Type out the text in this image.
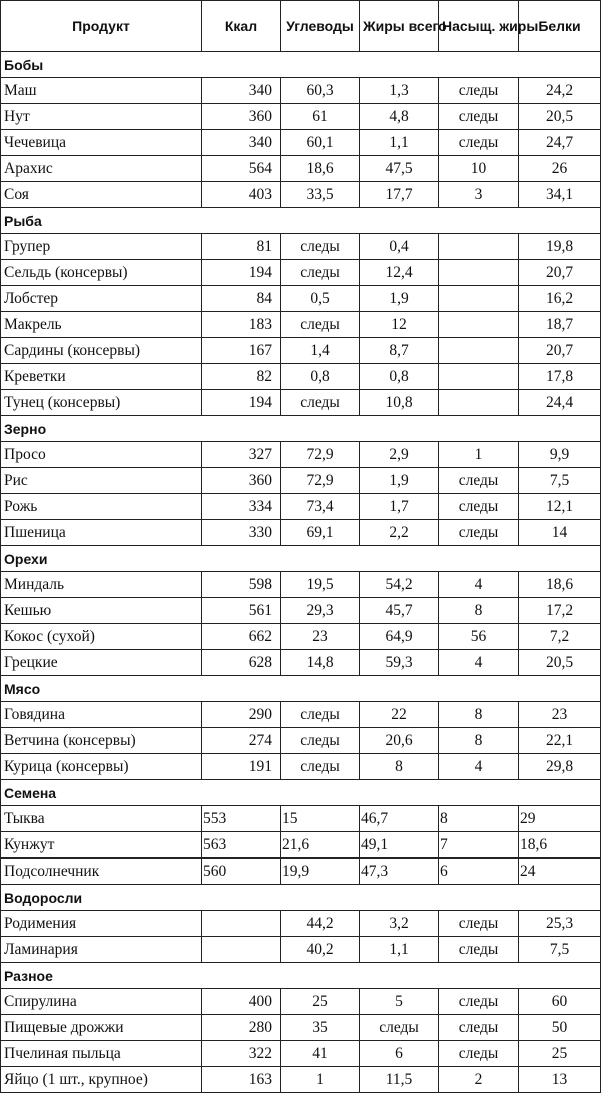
Продукт	Ккал	Углеводы	Жиры всего	Насыщ. жиры	Белки
Бобы					
Маш	340	60,3	1,3	следы	24,2
Нут	360	61	4,8	следы	20,5
Чечевица	340	60,1	1,1	следы	24,7
Арахис	564	18,6	47,5	10	26
Соя	403	33,5	17,7	3	34,1
Рыба					
Групер	81	следы	0,4		19,8
Сельдь (консервы)	194	следы	12,4		20,7
Лобстер	84	0,5	1,9		16,2
Макрель	183	следы	12		18,7
Сардины (консервы)	167	1,4	8,7		20,7
Креветки	82	0,8	0,8		17,8
Тунец (консервы)	194	следы	10,8		24,4
Зерно					
Просо	327	72,9	2,9	1	9,9
Рис	360	72,9	1,9	следы	7,5
Рожь	334	73,4	1,7	следы	12,1
Пшеница	330	69,1	2,2	следы	14
Орехи					
Миндаль	598	19,5	54,2	4	18,6
Кешью	561	29,3	45,7	8	17,2
Кокос (сухой)	662	23	64,9	56	7,2
Грецкие	628	14,8	59,3	4	20,5
Мясо					
Говядина	290	следы	22	8	23
Ветчина (консервы)	274	следы	20,6	8	22,1
Курица (консервы)	191	следы	8	4	29,8
Семена					
Тыква	553	15	46,7	8	29
Кунжут	563	21,6	49,1	7	18,6
Подсолнечник	560	19,9	47,3	6	24
Водоросли					
Родимения		44,2	3,2	следы	25,3
Ламинария		40,2	1,1	следы	7,5
Разное					
Спирулина	400	25	5	следы	60
Пищевые дрожжи	280	35	следы	следы	50
Пчелиная пыльца	322	41	6	следы	25
Яйцо (1 шт., крупное)	163	1	11,5	2	13
